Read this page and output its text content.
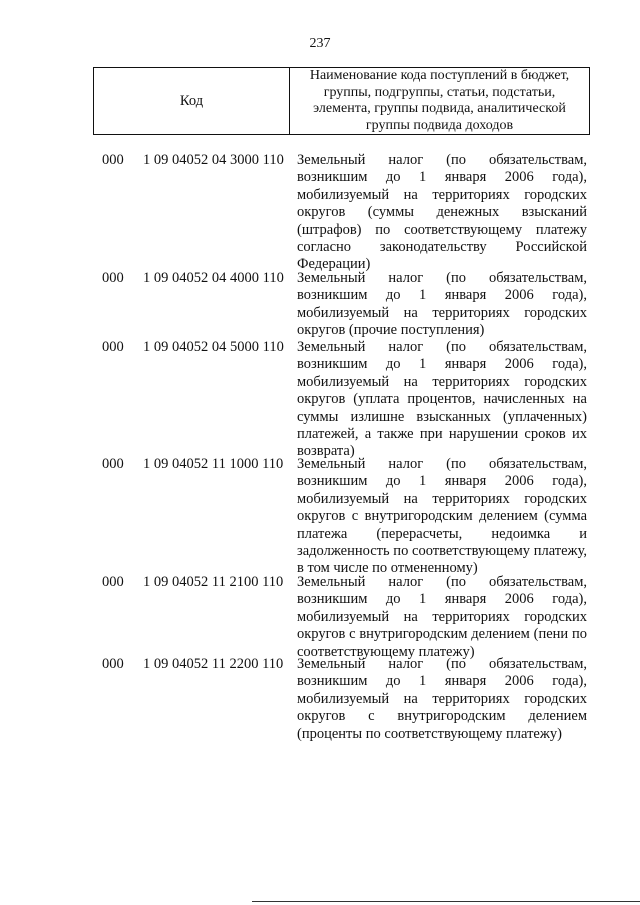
237
Код
Наименование кода поступлений в бюджет,
группы, подгруппы, статьи, подстатьи,
элемента, группы подвида, аналитической
группы подвида доходов
000 1 09 04052 04 3000 110 Земельный налог (по обязательствам,
возникшим до 1 января 2006 года),
мобилизуемый на территориях городских
округов (суммы денежных взысканий
(штрафов) по соответствующему платежу
согласно законодательству Российской
Федерации)
000 1 09 04052 04 4000 110 Земельный налог (по обязательствам,
возникшим до 1 января 2006 года),
мобилизуемый на территориях городских
округов (прочие поступления)
000 1 09 04052 04 5000 110 Земельный налог (по обязательствам,
возникшим до 1 января 2006 года),
мобилизуемый на территориях городских
округов (уплата процентов, начисленных на
суммы излишне взысканных (уплаченных)
платежей, а также при нарушении сроков их
возврата)
000 1 09 04052 11 1000 110 Земельный налог (по обязательствам,
возникшим до 1 января 2006 года),
мобилизуемый на территориях городских
округов с внутригородским делением (сумма
платежа (перерасчеты, недоимка и
задолженность по соответствующему платежу,
в том числе по отмененному)
000 1 09 04052 11 2100 110 Земельный налог (по обязательствам,
возникшим до 1 января 2006 года),
мобилизуемый на территориях городских
округов с внутригородским делением (пени по
соответствующему платежу)
000 1 09 04052 11 2200 110 Земельный налог (по обязательствам,
возникшим до 1 января 2006 года),
мобилизуемый на территориях городских
округов с внутригородским делением
(проценты по соответствующему платежу)
